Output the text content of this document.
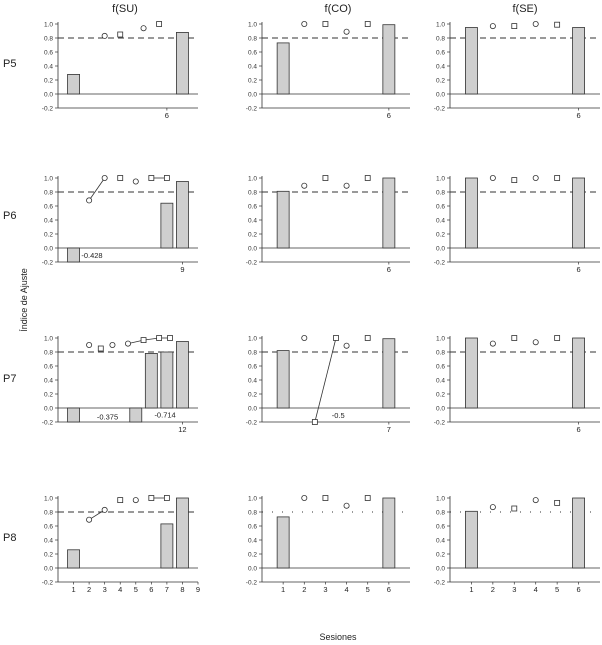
f(SU)	f(CO)	f(SE)
P5
P6
P7
P8
Índice de Ajuste
Sesiones
-0.2
0.0
0.2
0.4
0.6
0.8
1.0
6
-0.2
0.0
0.2
0.4
0.6
0.8
1.0
6
-0.2
0.0
0.2
0.4
0.6
0.8
1.0
6
-0.2
0.0
0.2
0.4
0.6
0.8
1.0
-0.428
9
-0.2
0.0
0.2
0.4
0.6
0.8
1.0
6
-0.2
0.0
0.2
0.4
0.6
0.8
1.0
6
-0.2
0.0
0.2
0.4
0.6
0.8
1.0
-0.375	-0.714
12
-0.2
0.0
0.2
0.4
0.6
0.8
1.0
-0.5
7
-0.2
0.0
0.2
0.4
0.6
0.8
1.0
6
-0.2
0.0
0.2
0.4
0.6
0.8
1.0
1 2 3 4 5 6 7 8 9
-0.2
0.0
0.2
0.4
0.6
0.8
1.0
1 2 3 4 5 6
-0.2
0.0
0.2
0.4
0.6
0.8
1.0
1 2 3 4 5 6
